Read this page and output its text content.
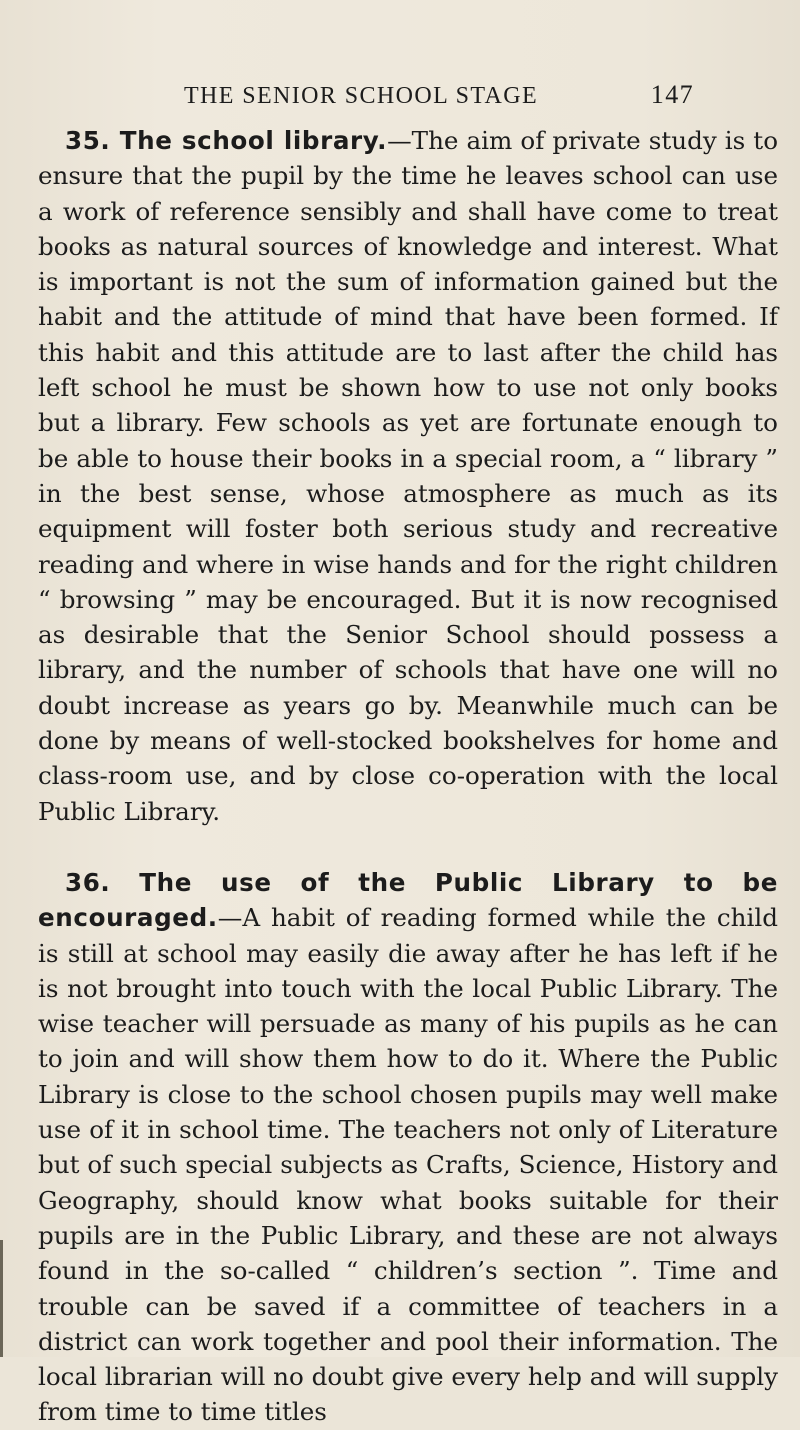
THE SENIOR SCHOOL STAGE	147

35. The school library.—The aim of private study is to ensure that the pupil by the time he leaves school can use a work of reference sensibly and shall have come to treat books as natural sources of knowledge and interest. What is important is not the sum of information gained but the habit and the attitude of mind that have been formed. If this habit and this attitude are to last after the child has left school he must be shown how to use not only books but a library. Few schools as yet are fortunate enough to be able to house their books in a special room, a “ library ” in the best sense, whose atmosphere as much as its equipment will foster both serious study and recreative reading and where in wise hands and for the right children “ browsing ” may be encouraged. But it is now recognised as desirable that the Senior School should possess a library, and the number of schools that have one will no doubt increase as years go by. Meanwhile much can be done by means of well-stocked bookshelves for home and class-room use, and by close co-operation with the local Public Library.

36. The use of the Public Library to be encouraged.—A habit of reading formed while the child is still at school may easily die away after he has left if he is not brought into touch with the local Public Library. The wise teacher will persuade as many of his pupils as he can to join and will show them how to do it. Where the Public Library is close to the school chosen pupils may well make use of it in school time. The teachers not only of Literature but of such special subjects as Crafts, Science, History and Geography, should know what books suitable for their pupils are in the Public Library, and these are not always found in the so-called “ children’s section ”. Time and trouble can be saved if a committee of teachers in a district can work together and pool their information. The local librarian will no doubt give every help and will supply from time to time titles
